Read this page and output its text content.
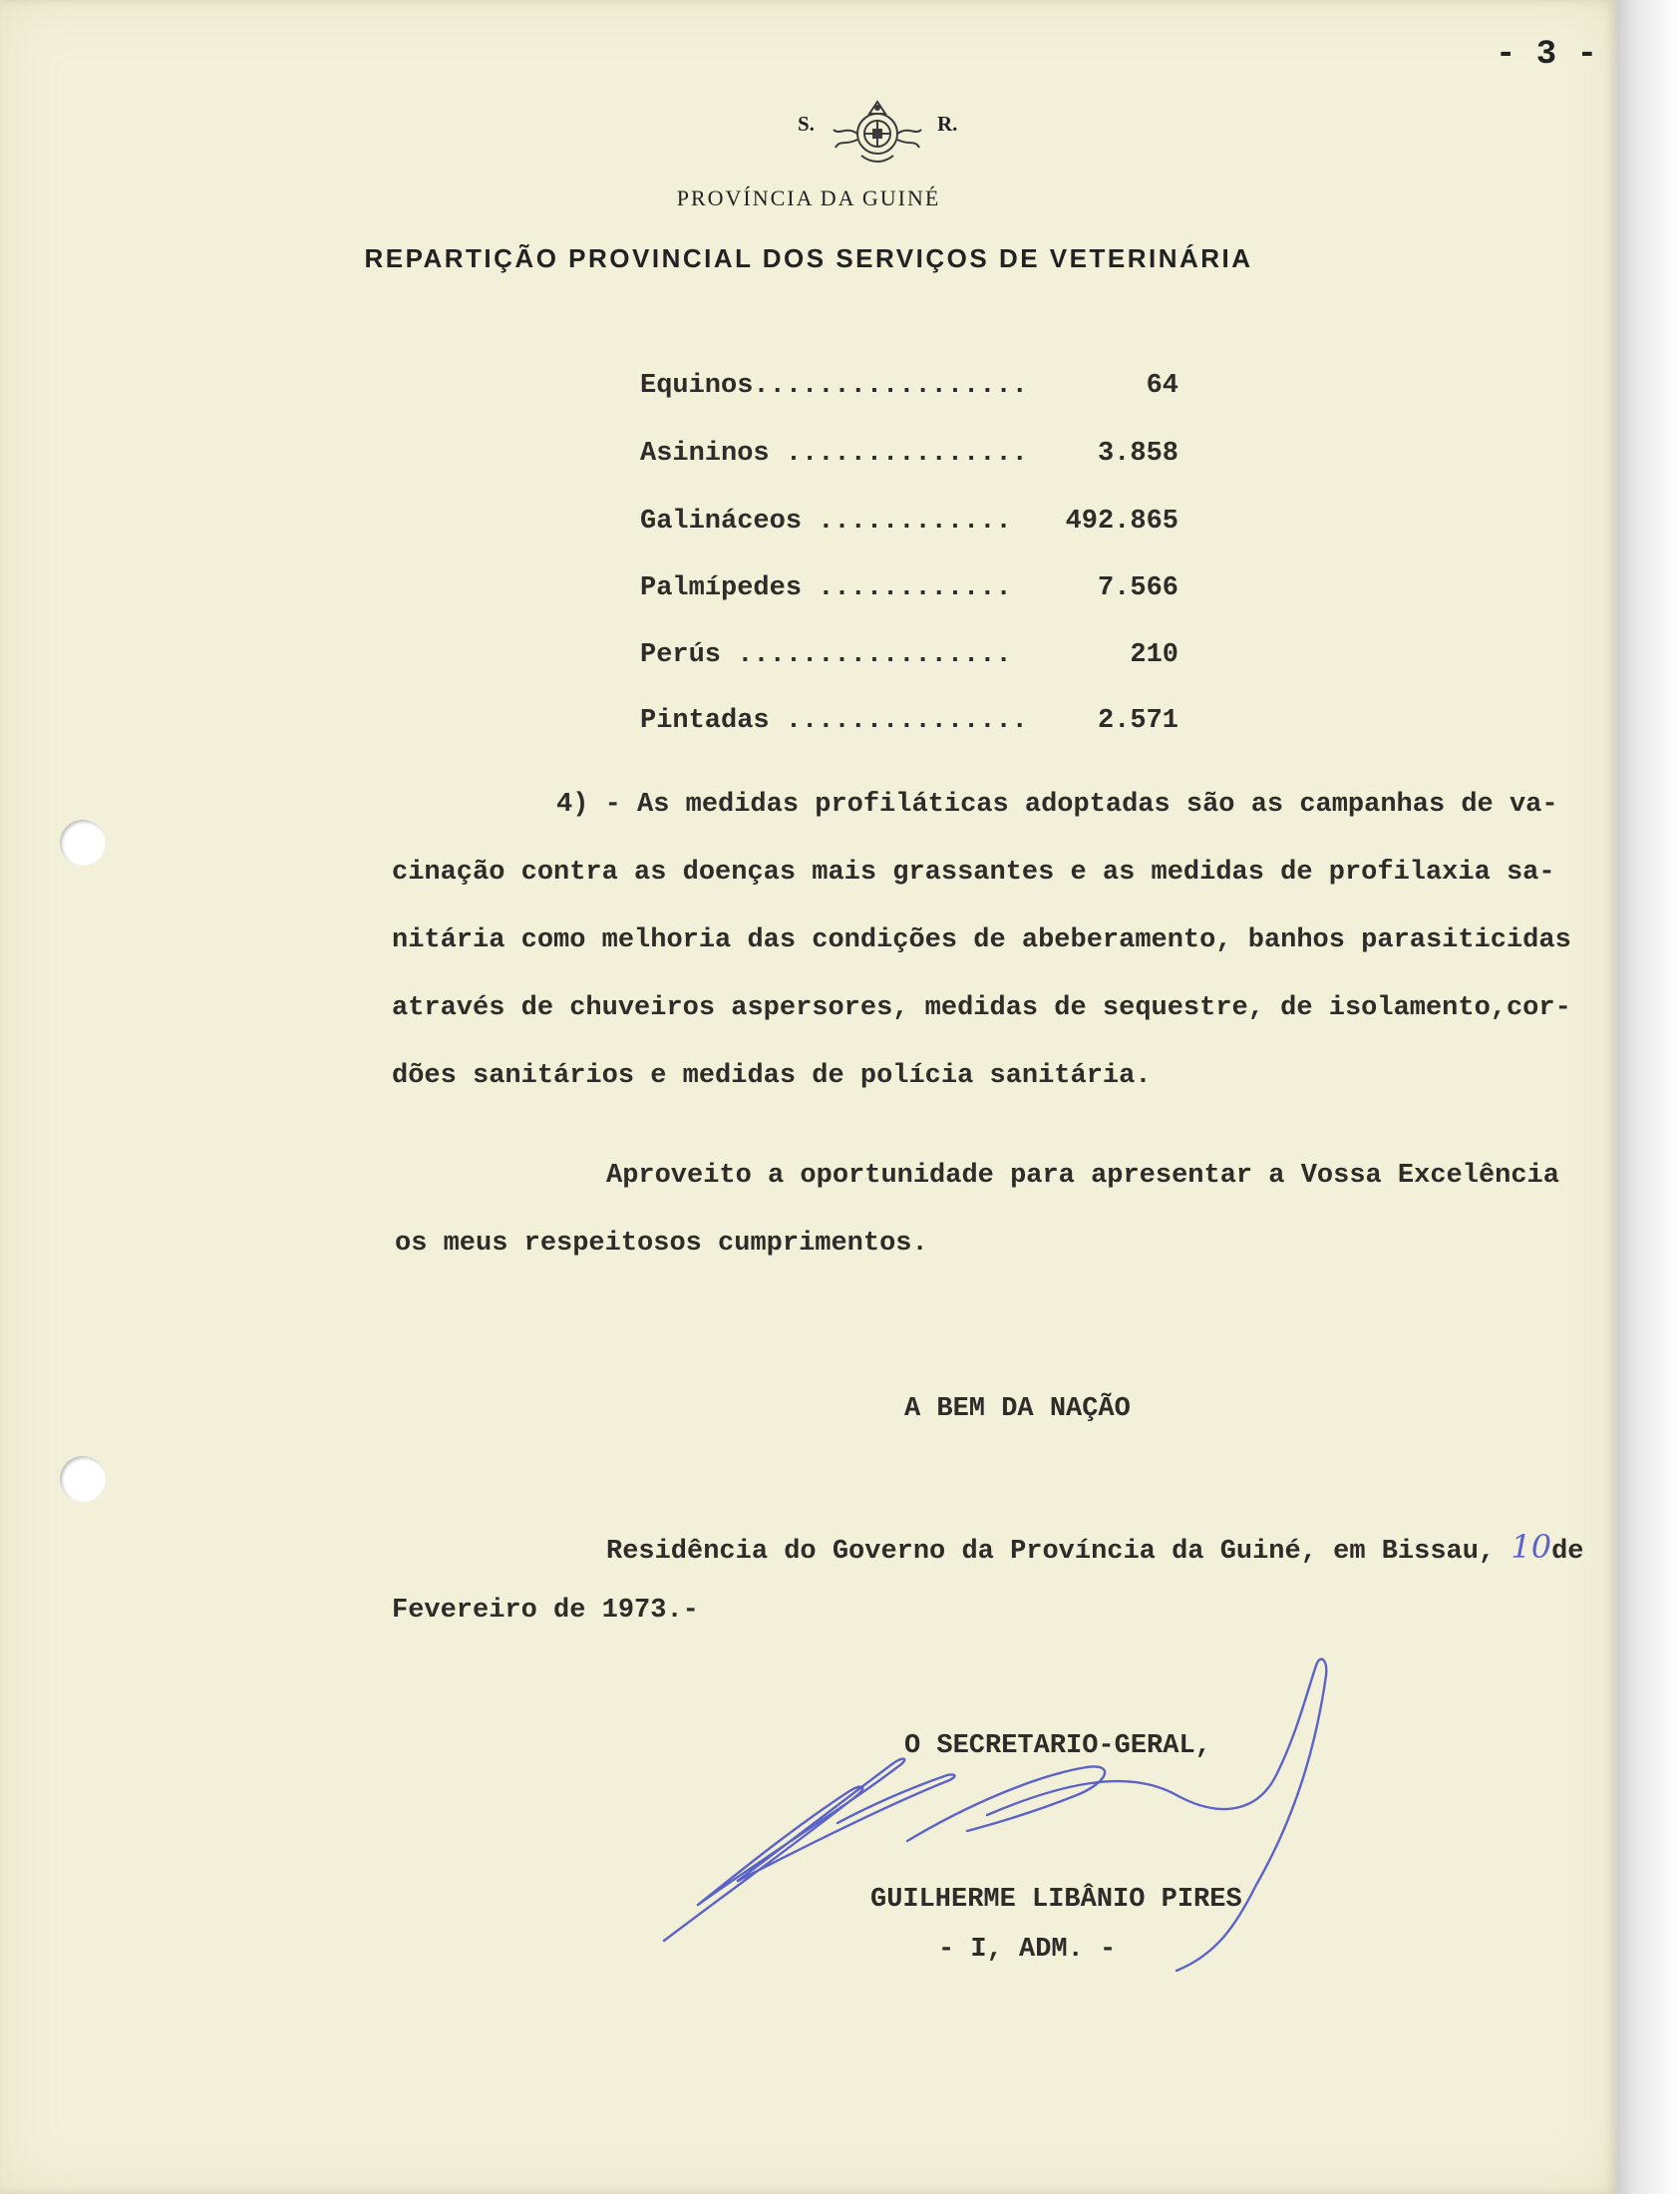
- 3 -
S.	R.
PROVÍNCIA DA GUINÉ
REPARTIÇÃO PROVINCIAL DOS SERVIÇOS DE VETERINÁRIA
Equinos.................	64
Asininos ...............	3.858
Galináceos ............ 492.865
Palmípedes ............	7.566
Perús .................	210
Pintadas ...............	2.571
4) - As medidas profiláticas adoptadas são as campanhas de va-
cinação contra as doenças mais grassantes e as medidas de profilaxia sa-
nitária como melhoria das condições de abeberamento, banhos parasiticidas
através de chuveiros aspersores, medidas de sequestre, de isolamento,cor-
dões sanitários e medidas de polícia sanitária.
Aproveito a oportunidade para apresentar a Vossa Excelência
os meus respeitosos cumprimentos.
A BEM DA NAÇÃO
Residência do Governo da Província da Guiné, em Bissau, 10de
Fevereiro de 1973.-
O SECRETARIO-GERAL,
GUILHERME LIBÂNIO PIRES
- I, ADM. -
